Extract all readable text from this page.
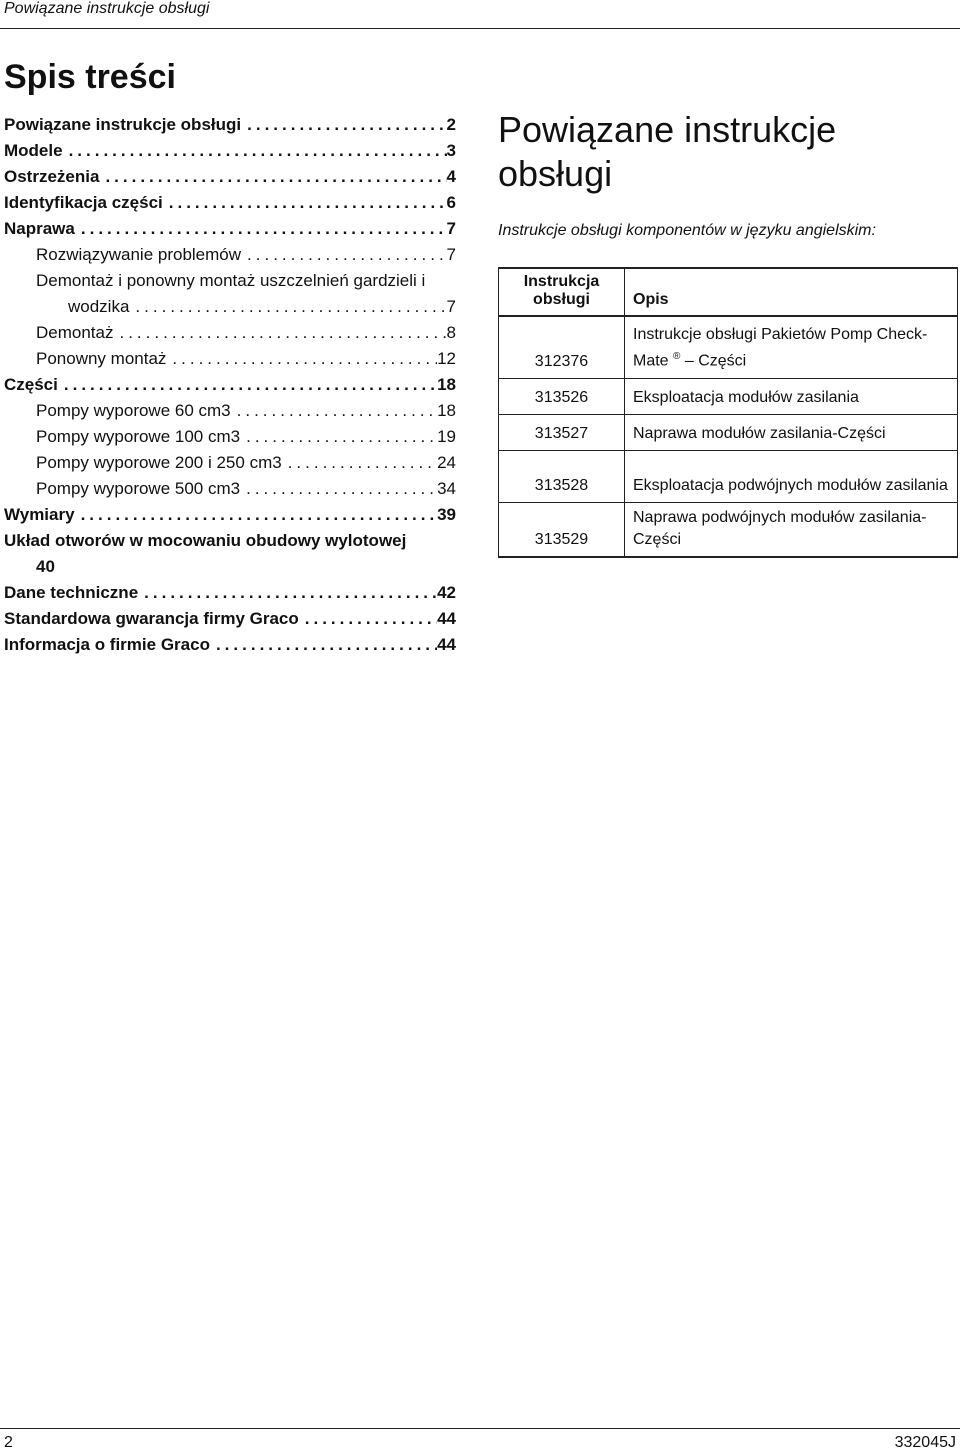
Powiązane instrukcje obsługi
Spis treści
Powiązane instrukcje obsługi .....	2
Modele .....	3
Ostrzeżenia .....	4
Identyfikacja części .....	6
Naprawa .....	7
Rozwiązywanie problemów .....	7
Demontaż i ponowny montaż uszczelnień gardzieli i
wodzika .....	7
Demontaż .....	8
Ponowny montaż .....	12
Części .....	18
Pompy wyporowe 60 cm3 .....	18
Pompy wyporowe 100 cm3 .....	19
Pompy wyporowe 200 i 250 cm3 .....	24
Pompy wyporowe 500 cm3 .....	34
Wymiary .....	39
Układ otworów w mocowaniu obudowy wylotowej
40
Dane techniczne .....	42
Standardowa gwarancja firmy Graco .....	44
Informacja o firmie Graco .....	44
Powiązane instrukcje obsługi
Instrukcje obsługi komponentów w języku angielskim:
Instrukcja obsługi	Opis
312376	Instrukcje obsługi Pakietów Pomp Check-Mate ® – Części
313526	Eksploatacja modułów zasilania
313527	Naprawa modułów zasilania-Części
313528	Eksploatacja podwójnych modułów zasilania
313529	Naprawa podwójnych modułów zasilania-Części
2	332045J
